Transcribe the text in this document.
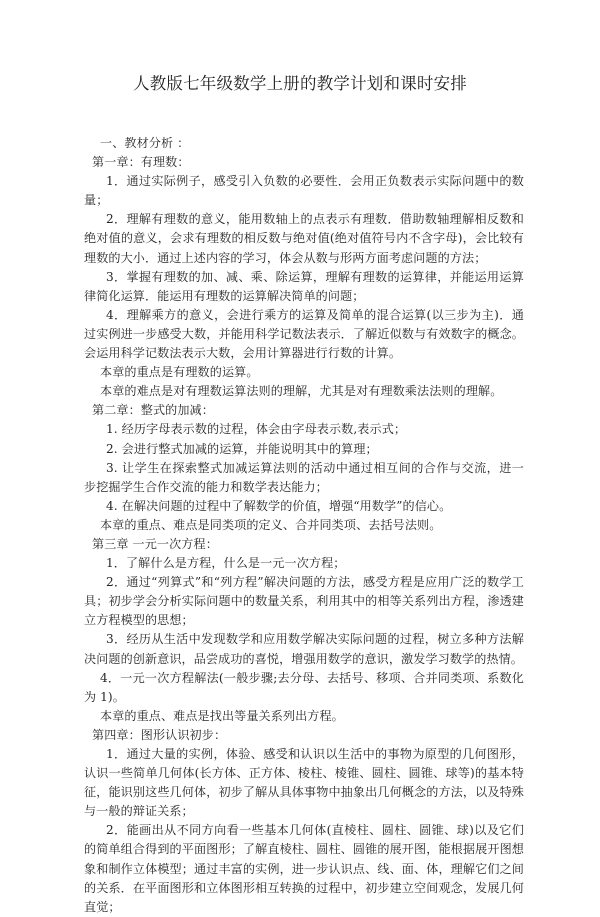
人教版七年级数学上册的教学计划和课时安排

一、教材分析 ：

第一章：有理数：

1．通过实际例子，感受引入负数的必要性．会用正负数表示实际问题中的数量；

2．理解有理数的意义，能用数轴上的点表示有理数．借助数轴理解相反数和绝对值的意义，会求有理数的相反数与绝对值(绝对值符号内不含字母)，会比较有理数的大小．通过上述内容的学习，体会从数与形两方面考虑问题的方法；

3．掌握有理数的加、减、乘、除运算，理解有理数的运算律，并能运用运算律简化运算．能运用有理数的运算解决简单的问题；

4．理解乘方的意义，会进行乘方的运算及简单的混合运算(以三步为主)．通过实例进一步感受大数，并能用科学记数法表示．了解近似数与有效数字的概念。会运用科学记数法表示大数，会用计算器进行行数的计算。

本章的重点是有理数的运算。

本章的难点是对有理数运算法则的理解，尤其是对有理数乘法法则的理解。

第二章：整式的加减：

1. 经历字母表示数的过程，体会由字母表示数,表示式；

2. 会进行整式加减的运算，并能说明其中的算理；

3. 让学生在探索整式加减运算法则的活动中通过相互间的合作与交流，进一步挖掘学生合作交流的能力和数学表达能力；

4. 在解决问题的过程中了解数学的价值，增强“用数学”的信心。

本章的重点、难点是同类项的定义、合并同类项、去括号法则。

第三章 一元一次方程：

1．了解什么是方程，什么是一元一次方程；

2．通过“列算式”和“列方程”解决问题的方法，感受方程是应用广泛的数学工具；初步学会分析实际问题中的数量关系，利用其中的相等关系列出方程，渗透建立方程模型的思想；

3．经历从生活中发现数学和应用数学解决实际问题的过程，树立多种方法解决问题的创新意识，品尝成功的喜悦，增强用数学的意识，激发学习数学的热情。

4．一元一次方程解法(一般步骤;去分母、去括号、移项、合并同类项、系数化为 1)。

本章的重点、难点是找出等量关系列出方程。

第四章：图形认识初步：

1．通过大量的实例，体验、感受和认识以生活中的事物为原型的几何图形，认识一些简单几何体(长方体、正方体、棱柱、棱锥、圆柱、圆锥、球等)的基本特征，能识别这些几何体，初步了解从具体事物中抽象出几何概念的方法，以及特殊与一般的辩证关系；

2．能画出从不同方向看一些基本几何体(直棱柱、圆柱、圆锥、球)以及它们的简单组合得到的平面图形；了解直棱柱、圆柱、圆锥的展开图，能根据展开图想象和制作立体模型；通过丰富的实例，进一步认识点、线、面、体，理解它们之间的关系．在平面图形和立体图形相互转换的过程中，初步建立空间观念，发展几何直觉；
